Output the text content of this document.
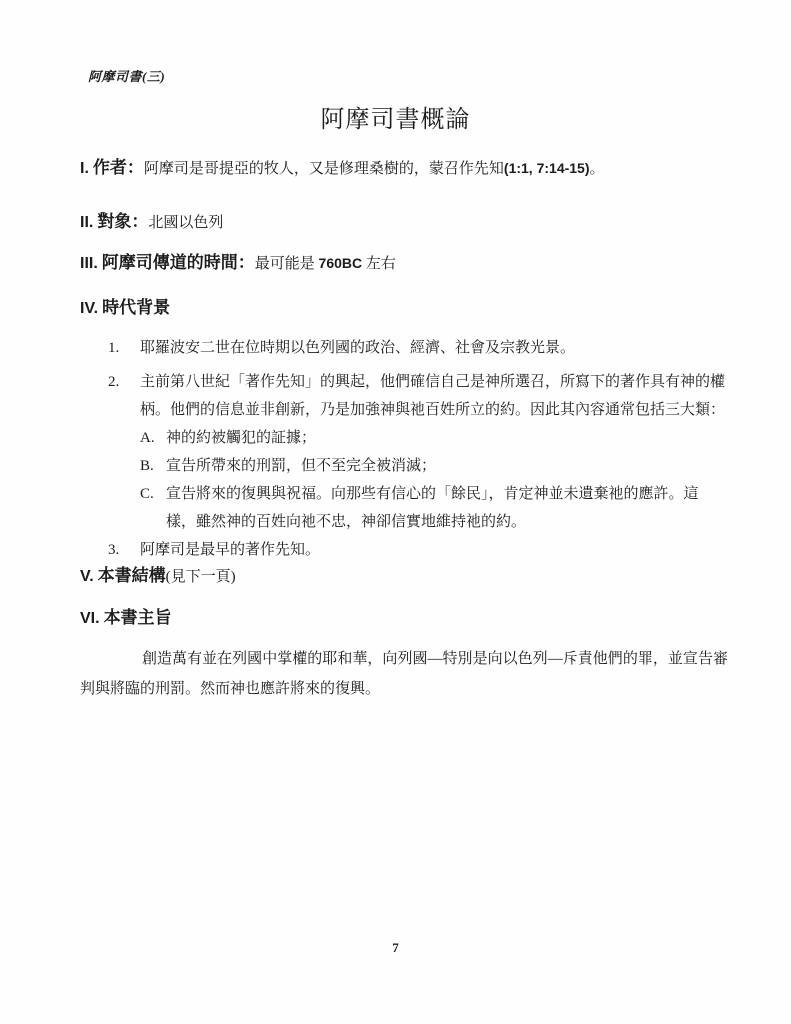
阿摩司書(三)
阿摩司書概論
I. 作者：阿摩司是哥提亞的牧人，又是修理桑樹的，蒙召作先知(1:1, 7:14-15)。
II. 對象：北國以色列
III. 阿摩司傳道的時間：最可能是 760BC 左右
IV. 時代背景
1.	耶羅波安二世在位時期以色列國的政治、經濟、社會及宗教光景。
2.	主前第八世紀「著作先知」的興起，他們確信自己是神所選召，所寫下的著作具有神的權柄。他們的信息並非創新，乃是加強神與祂百姓所立的約。因此其內容通常包括三大類：
A. 神的約被觸犯的証據；
B. 宣告所帶來的刑罰，但不至完全被消滅；
C. 宣告將來的復興與祝福。向那些有信心的「餘民」，肯定神並未遺棄祂的應許。這樣，雖然神的百姓向祂不忠，神卻信實地維持祂的約。
3.	阿摩司是最早的著作先知。
V. 本書結構(見下一頁)
VI. 本書主旨
創造萬有並在列國中掌權的耶和華，向列國—特別是向以色列—斥責他們的罪，並宣告審判與將臨的刑罰。然而神也應許將來的復興。
7
